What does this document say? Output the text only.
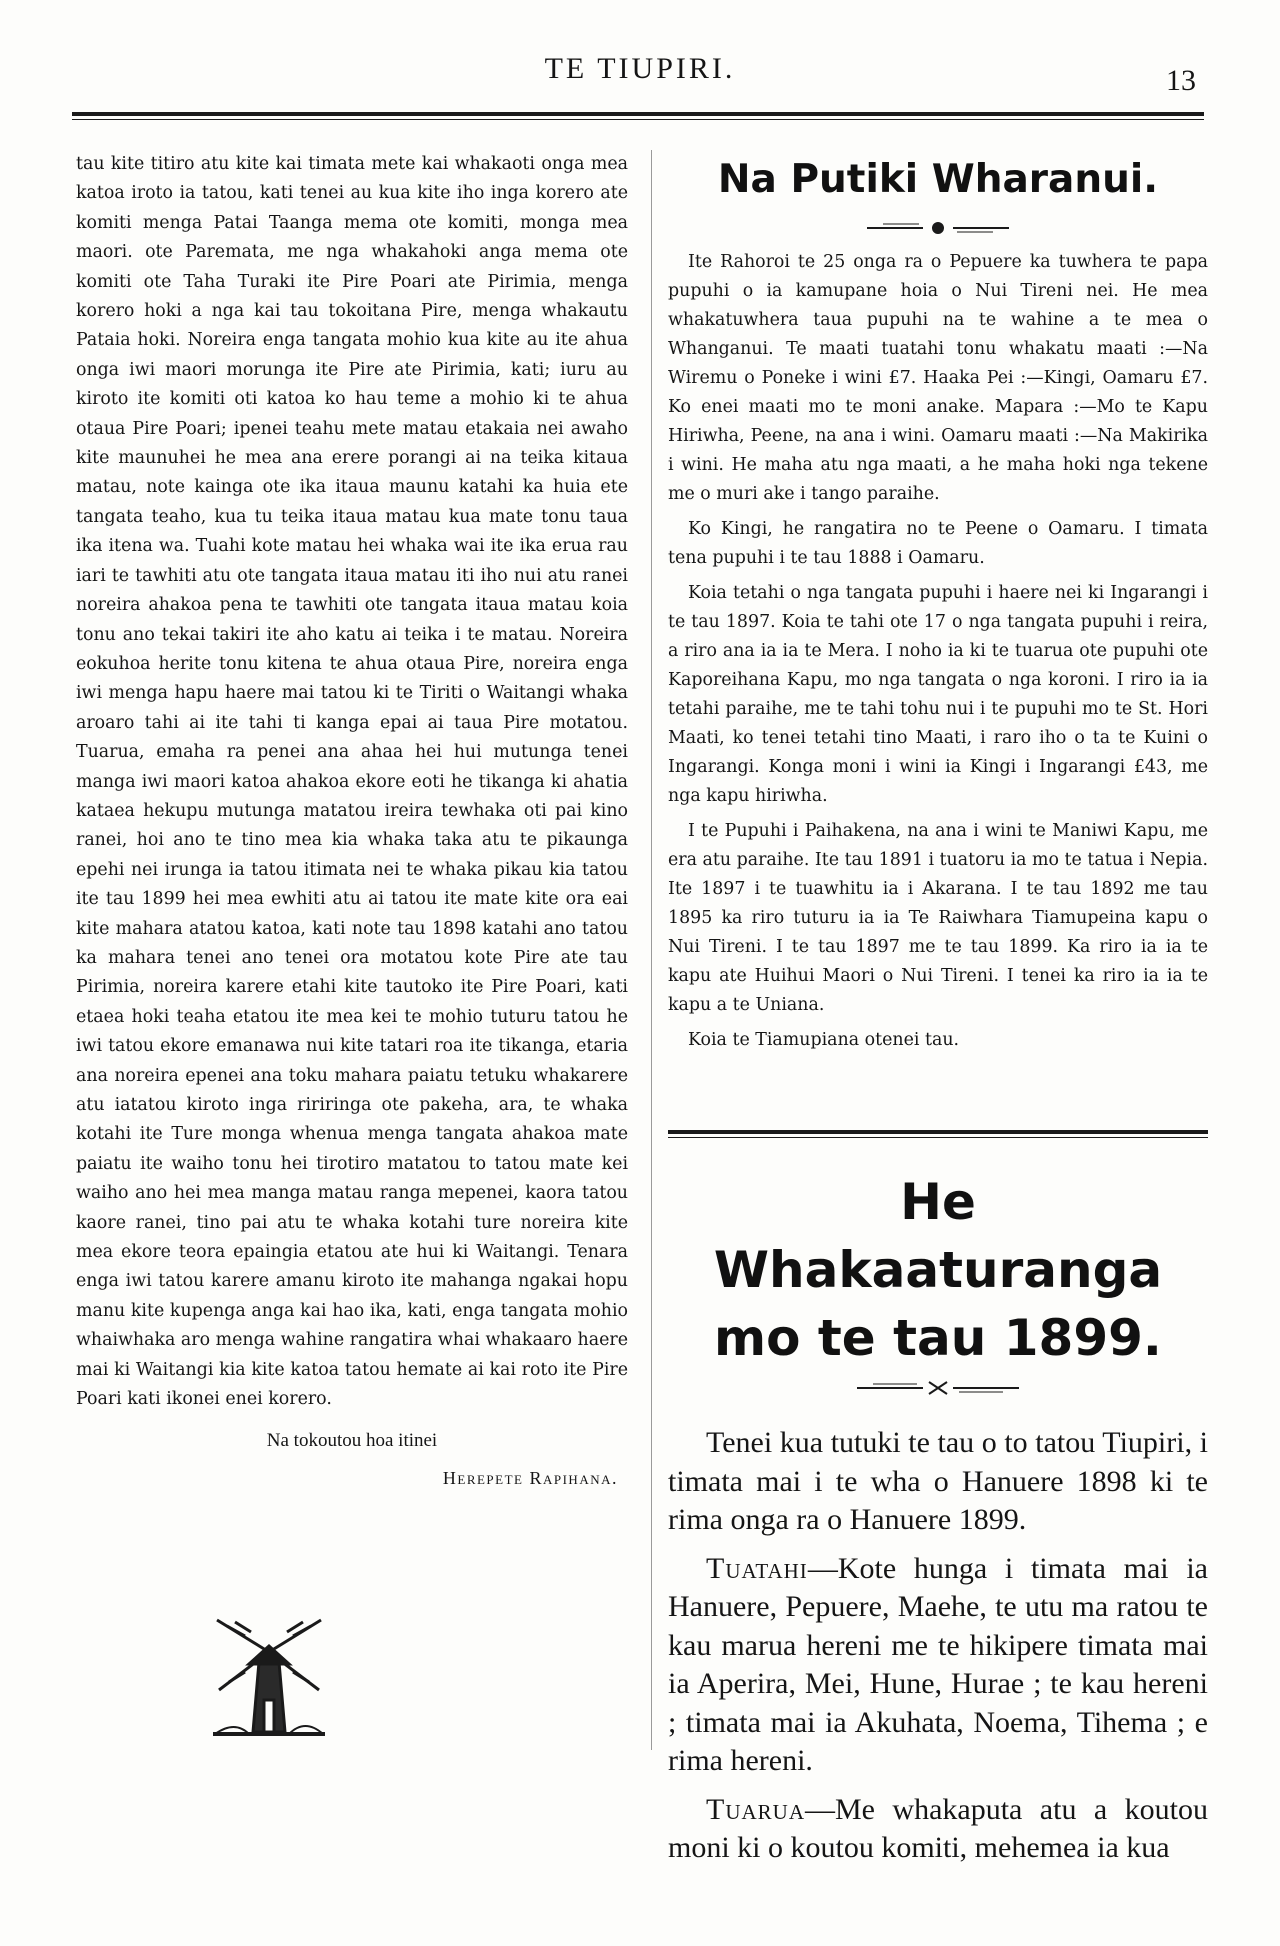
TE TIUPIRI.	13

tau kite titiro atu kite kai timata mete kai whakaoti onga mea katoa iroto ia tatou, kati tenei au kua kite iho inga korero ate komiti menga Patai Taanga mema ote komiti, monga mea maori. ote Paremata, me nga whakahoki anga mema ote komiti ote Taha Turaki ite Pire Poari ate Pirimia, menga korero hoki a nga kai tau tokoitana Pire, menga whakautu Pataia hoki. Noreira enga tangata mohio kua kite au ite ahua onga iwi maori morunga ite Pire ate Pirimia, kati; iuru au kiroto ite komiti oti katoa ko hau teme a mohio ki te ahua otaua Pire Poari; ipenei teahu mete matau etakaia nei awaho kite maunuhei he mea ana erere porangi ai na teika kitaua matau, note kainga ote ika itaua maunu katahi ka huia ete tangata teaho, kua tu teika itaua matau kua mate tonu taua ika itena wa. Tuahi kote matau hei whaka wai ite ika erua rau iari te tawhiti atu ote tangata itaua matau iti iho nui atu ranei noreira ahakoa pena te tawhiti ote tangata itaua matau koia tonu ano tekai takiri ite aho katu ai teika i te matau. Noreira eokuhoa herite tonu kitena te ahua otaua Pire, noreira enga iwi menga hapu haere mai tatou ki te Tiriti o Waitangi whaka aroaro tahi ai ite tahi ti kanga epai ai taua Pire motatou. Tuarua, emaha ra penei ana ahaa hei hui mutunga tenei manga iwi maori katoa ahakoa ekore eoti he tikanga ki ahatia kataea hekupu mutunga matatou ireira tewhaka oti pai kino ranei, hoi ano te tino mea kia whaka taka atu te pikaunga epehi nei irunga ia tatou itimata nei te whaka pikau kia tatou ite tau 1899 hei mea ewhiti atu ai tatou ite mate kite ora eai kite mahara atatou katoa, kati note tau 1898 katahi ano tatou ka mahara tenei ano tenei ora motatou kote Pire ate tau Pirimia, noreira karere etahi kite tautoko ite Pire Poari, kati etaea hoki teaha etatou ite mea kei te mohio tuturu tatou he iwi tatou ekore emanawa nui kite tatari roa ite tikanga, etaria ana noreira epenei ana toku mahara paiatu tetuku whakarere atu iatatou kiroto inga ririringa ote pakeha, ara, te whaka kotahi ite Ture monga whenua menga tangata ahakoa mate paiatu ite waiho tonu hei tirotiro matatou to tatou mate kei waiho ano hei mea manga matau ranga mepenei, kaora tatou kaore ranei, tino pai atu te whaka kotahi ture noreira kite mea ekore teora epaingia etatou ate hui ki Waitangi. Tenara enga iwi tatou karere amanu kiroto ite mahanga ngakai hopu manu kite kupenga anga kai hao ika, kati, enga tangata mohio whaiwhaka aro menga wahine rangatira whai whakaaro haere mai ki Waitangi kia kite katoa tatou hemate ai kai roto ite Pire Poari kati ikonei enei korero.

Na tokoutou hoa itinei
Herepete Rapihana.
Na Putiki Wharanui.

Ite Rahoroi te 25 onga ra o Pepuere ka tuwhera te papa pupuhi o ia kamupane hoia o Nui Tireni nei. He mea whakatuwhera taua pupuhi na te wahine a te mea o Whanganui. Te maati tuatahi tonu whakatu maati :—Na Wiremu o Poneke i wini £7. Haaka Pei :—Kingi, Oamaru £7. Ko enei maati mo te moni anake. Mapara :—Mo te Kapu Hiriwha, Peene, na ana i wini. Oamaru maati :—Na Makirika i wini. He maha atu nga maati, a he maha hoki nga tekene me o muri ake i tango paraihe.

Ko Kingi, he rangatira no te Peene o Oamaru. I timata tena pupuhi i te tau 1888 i Oamaru.

Koia tetahi o nga tangata pupuhi i haere nei ki Ingarangi i te tau 1897. Koia te tahi ote 17 o nga tangata pupuhi i reira, a riro ana ia ia te Mera. I noho ia ki te tuarua ote pupuhi ote Kaporeihana Kapu, mo nga tangata o nga koroni. I riro ia ia tetahi paraihe, me te tahi tohu nui i te pupuhi mo te St. Hori Maati, ko tenei tetahi tino Maati, i raro iho o ta te Kuini o Ingarangi. Konga moni i wini ia Kingi i Ingarangi £43, me nga kapu hiriwha.

I te Pupuhi i Paihakena, na ana i wini te Maniwi Kapu, me era atu paraihe. Ite tau 1891 i tuatoru ia mo te tatua i Nepia. Ite 1897 i te tuawhitu ia i Akarana. I te tau 1892 me tau 1895 ka riro tuturu ia ia Te Raiwhara Tiamupeina kapu o Nui Tireni. I te tau 1897 me te tau 1899. Ka riro ia ia te kapu ate Huihui Maori o Nui Tireni. I tenei ka riro ia ia te kapu a te Uniana.

Koia te Tiamupiana otenei tau.

He Whakaaturanga mo te tau 1899.

Tenei kua tutuki te tau o to tatou Tiupiri, i timata mai i te wha o Hanuere 1898 ki te rima onga ra o Hanuere 1899.

Tuatahi—Kote hunga i timata mai ia Hanuere, Pepuere, Maehe, te utu ma ratou te kau marua hereni me te hikipere timata mai ia Aperira, Mei, Hune, Hurae ; te kau hereni ; timata mai ia Akuhata, Noema, Tihema ; e rima hereni.

Tuarua—Me whakaputa atu a koutou moni ki o koutou komiti, mehemea ia kua
